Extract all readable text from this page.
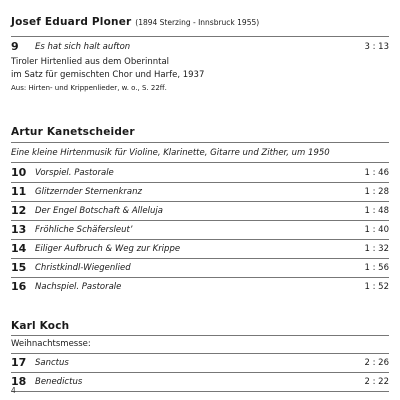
Josef Eduard Ploner (1894 Sterzing - Innsbruck 1955)
9 Es hat sich halt aufton	3 : 13
Tiroler Hirtenlied aus dem Oberinntal
im Satz für gemischten Chor und Harfe, 1937
Aus: Hirten- und Krippenlieder, w. o., S. 22ff.
Artur Kanetscheider
Eine kleine Hirtenmusik für Violine, Klarinette, Gitarre und Zither, um 1950
10 Vorspiel. Pastorale	1 : 46
11 Glitzernder Sternenkranz	1 : 28
12 Der Engel Botschaft & Alleluja	1 : 48
13 Fröhliche Schäfersleut’	1 : 40
14 Eiliger Aufbruch & Weg zur Krippe	1 : 32
15 Christkindl-Wiegenlied	1 : 56
16 Nachspiel. Pastorale	1 : 52
Karl Koch
Weihnachtsmesse:
17 Sanctus	2 : 26
18 Benedictus	2 : 22
4
